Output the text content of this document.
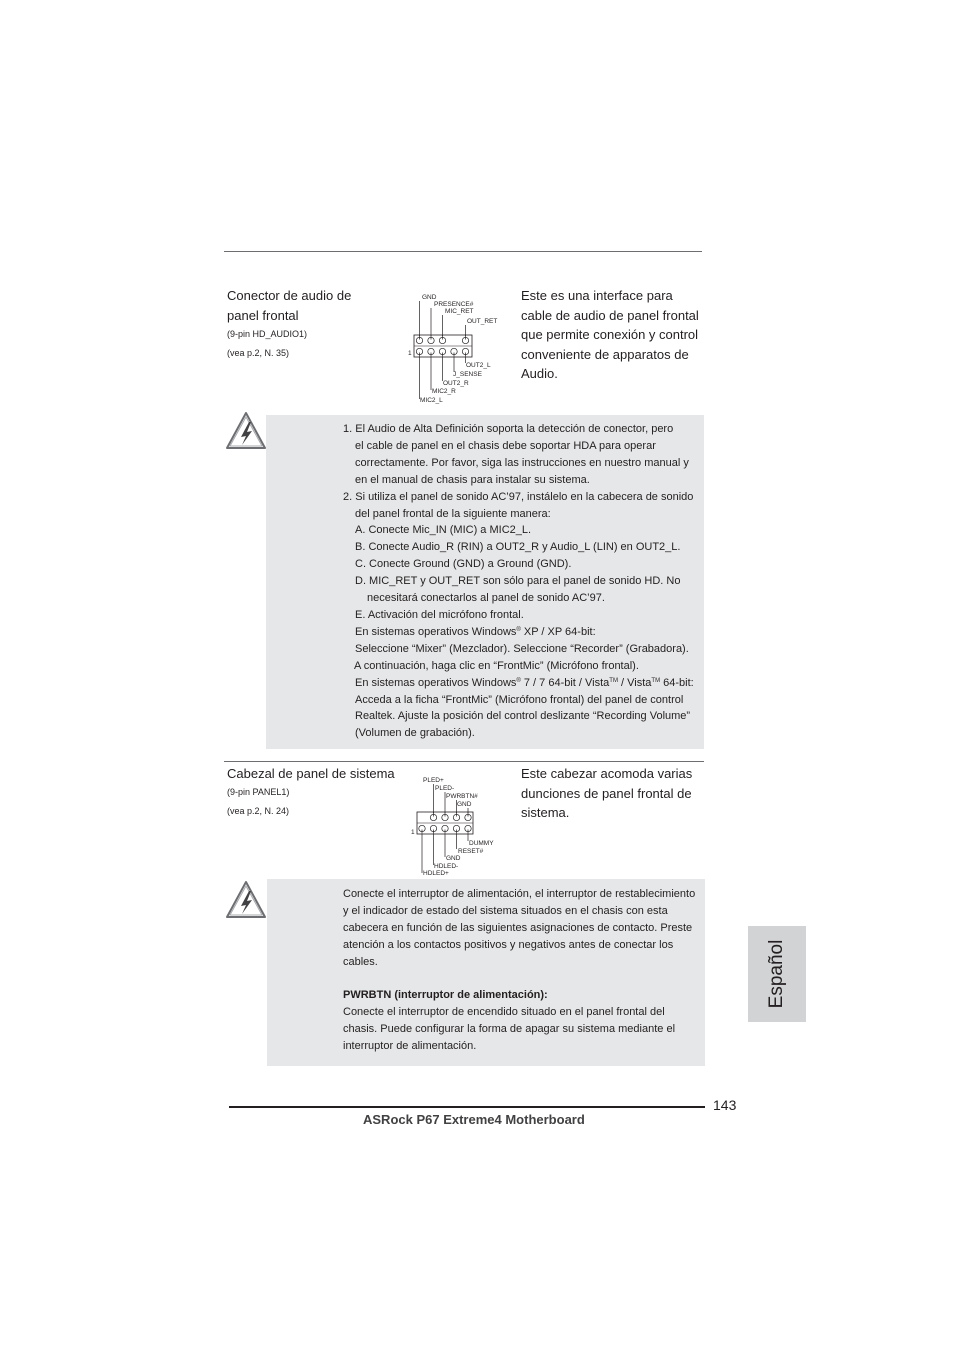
Conector de audio de
panel frontal
(9-pin HD_AUDIO1)
(vea p.2, N. 35)
GND
PRESENCE#
MIC_RET
OUT_RET
1
OUT2_L
J_SENSE
OUT2_R
MIC2_R
MIC2_L
Este es una interface para
cable de audio de panel frontal
que permite conexión y control
conveniente de apparatos de
Audio.
1. El Audio de Alta Definición soporta la detección de conector, pero
el cable de panel en el chasis debe soportar HDA para operar
correctamente. Por favor, siga las instrucciones en nuestro manual y
en el manual de chasis para instalar su sistema.
2. Si utiliza el panel de sonido AC’97, instálelo en la cabecera de sonido
del panel frontal de la siguiente manera:
A. Conecte Mic_IN (MIC) a MIC2_L.
B. Conecte Audio_R (RIN) a OUT2_R y Audio_L (LIN) en OUT2_L.
C. Conecte Ground (GND) a Ground (GND).
D. MIC_RET y OUT_RET son sólo para el panel de sonido HD. No
necesitará conectarlos al panel de sonido AC’97.
E. Activación del micrófono frontal.
En sistemas operativos Windows® XP / XP 64-bit:
Seleccione “Mixer” (Mezclador). Seleccione “Recorder” (Grabadora).
A continuación, haga clic en “FrontMic” (Micrófono frontal).
En sistemas operativos Windows® 7 / 7 64-bit / Vista™ / Vista™ 64-bit:
Acceda a la ficha “FrontMic” (Micrófono frontal) del panel de control
Realtek. Ajuste la posición del control deslizante “Recording Volume”
(Volumen de grabación).
Cabezal de panel de sistema
(9-pin PANEL1)
(vea p.2, N. 24)
PLED+
PLED-
PWRBTN#
GND
1
DUMMY
RESET#
GND
HDLED-
HDLED+
Este cabezar acomoda varias
dunciones de panel frontal de
sistema.
Conecte el interruptor de alimentación, el interruptor de restablecimiento
y el indicador de estado del sistema situados en el chasis con esta
cabecera en función de las siguientes asignaciones de contacto. Preste
atención a los contactos positivos y negativos antes de conectar los
cables.
PWRBTN (interruptor de alimentación):
Conecte el interruptor de encendido situado en el panel frontal del
chasis. Puede configurar la forma de apagar su sistema mediante el
interruptor de alimentación.
Español
143
ASRock P67 Extreme4 Motherboard
